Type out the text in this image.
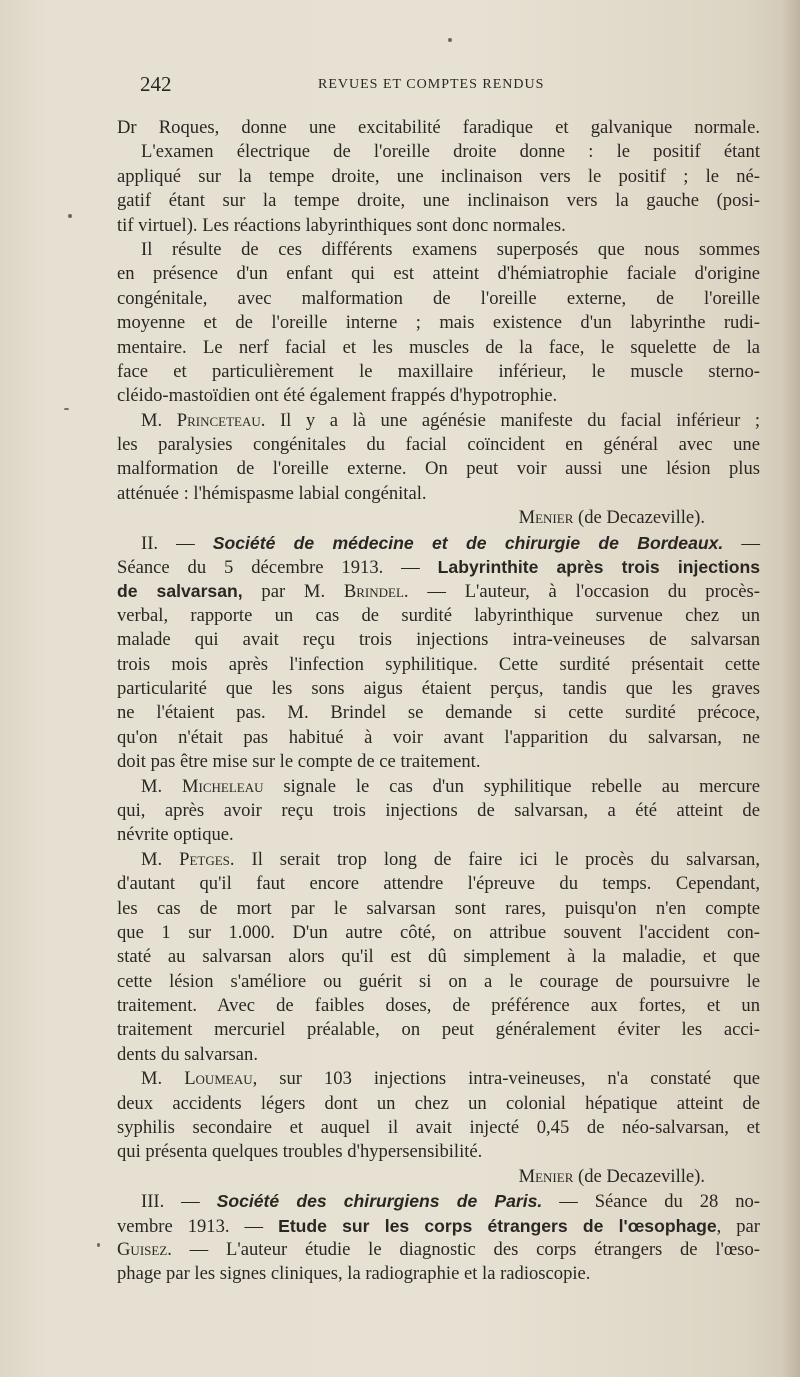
242	REVUES ET COMPTES RENDUS
Dr Roques, donne une excitabilité faradique et galvanique normale.
L'examen électrique de l'oreille droite donne : le positif étant
appliqué sur la tempe droite, une inclinaison vers le positif ; le né-
gatif étant sur la tempe droite, une inclinaison vers la gauche (posi-
tif virtuel). Les réactions labyrinthiques sont donc normales.
Il résulte de ces différents examens superposés que nous sommes
en présence d'un enfant qui est atteint d'hémiatrophie faciale d'origine
congénitale, avec malformation de l'oreille externe, de l'oreille
moyenne et de l'oreille interne ; mais existence d'un labyrinthe rudi-
mentaire. Le nerf facial et les muscles de la face, le squelette de la
face et particulièrement le maxillaire inférieur, le muscle sterno-
cléido-mastoïdien ont été également frappés d'hypotrophie.
M. Princeteau. Il y a là une agénésie manifeste du facial inférieur ;
les paralysies congénitales du facial coïncident en général avec une
malformation de l'oreille externe. On peut voir aussi une lésion plus
atténuée : l'hémispasme labial congénital.
Menier (de Decazeville).
II. — Société de médecine et de chirurgie de Bordeaux. —
Séance du 5 décembre 1913. — Labyrinthite après trois injections
de salvarsan, par M. Brindel. — L'auteur, à l'occasion du procès-
verbal, rapporte un cas de surdité labyrinthique survenue chez un
malade qui avait reçu trois injections intra-veineuses de salvarsan
trois mois après l'infection syphilitique. Cette surdité présentait cette
particularité que les sons aigus étaient perçus, tandis que les graves
ne l'étaient pas. M. Brindel se demande si cette surdité précoce,
qu'on n'était pas habitué à voir avant l'apparition du salvarsan, ne
doit pas être mise sur le compte de ce traitement.
M. Micheleau signale le cas d'un syphilitique rebelle au mercure
qui, après avoir reçu trois injections de salvarsan, a été atteint de
névrite optique.
M. Petges. Il serait trop long de faire ici le procès du salvarsan,
d'autant qu'il faut encore attendre l'épreuve du temps. Cependant,
les cas de mort par le salvarsan sont rares, puisqu'on n'en compte
que 1 sur 1.000. D'un autre côté, on attribue souvent l'accident con-
staté au salvarsan alors qu'il est dû simplement à la maladie, et que
cette lésion s'améliore ou guérit si on a le courage de poursuivre le
traitement. Avec de faibles doses, de préférence aux fortes, et un
traitement mercuriel préalable, on peut généralement éviter les acci-
dents du salvarsan.
M. Loumeau, sur 103 injections intra-veineuses, n'a constaté que
deux accidents légers dont un chez un colonial hépatique atteint de
syphilis secondaire et auquel il avait injecté 0,45 de néo-salvarsan, et
qui présenta quelques troubles d'hypersensibilité.
Menier (de Decazeville).
III. — Société des chirurgiens de Paris. — Séance du 28 no-
vembre 1913. — Etude sur les corps étrangers de l'œsophage, par
Guisez. — L'auteur étudie le diagnostic des corps étrangers de l'œso-
phage par les signes cliniques, la radiographie et la radioscopie.
